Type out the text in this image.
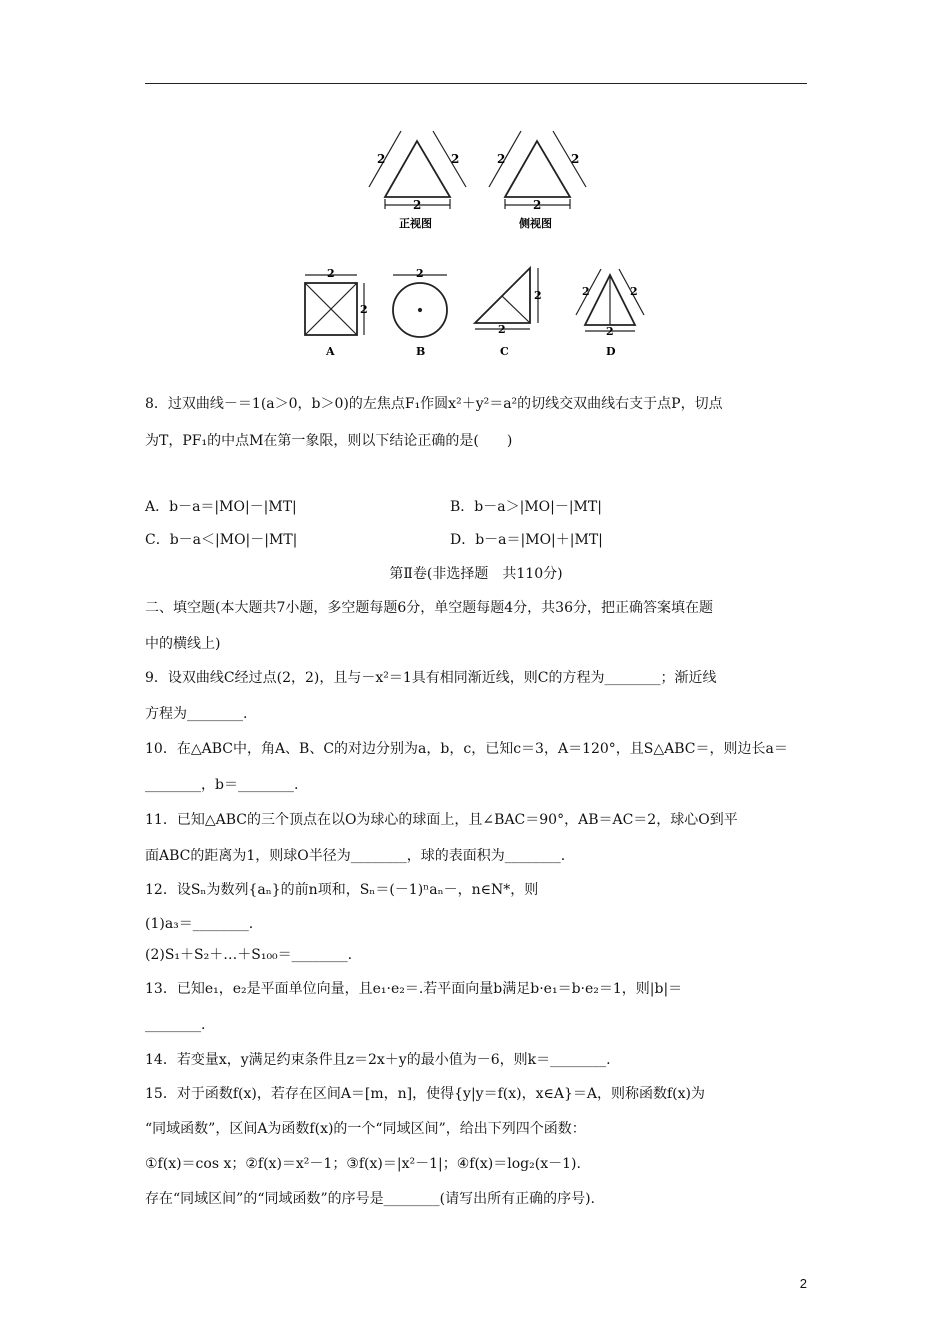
2	2
2
正视图
2	2
2
侧视图
2
2
A
2
B
2
2
C
2	2
2
D
8．过双曲线－＝1(a＞0，b＞0)的左焦点F₁作圆x²＋y²＝a²的切线交双曲线右支于点P，切点
为T，PF₁的中点M在第一象限，则以下结论正确的是(　　)
A．b－a＝|MO|－|MT|	B．b－a＞|MO|－|MT|
C．b－a＜|MO|－|MT|	D．b－a＝|MO|＋|MT|
第Ⅱ卷(非选择题　共110分)
二、填空题(本大题共7小题，多空题每题6分，单空题每题4分，共36分，把正确答案填在题
中的横线上)
9．设双曲线C经过点(2，2)，且与－x²＝1具有相同渐近线，则C的方程为________；渐近线
方程为________.
10．在△ABC中，角A、B、C的对边分别为a，b，c，已知c＝3，A＝120°，且S△ABC＝，则边长a＝
________，b＝________.
11．已知△ABC的三个顶点在以O为球心的球面上，且∠BAC＝90°，AB＝AC＝2，球心O到平
面ABC的距离为1，则球O半径为________，球的表面积为________.
12．设Sₙ为数列{aₙ}的前n项和，Sₙ＝(－1)ⁿaₙ－，n∈N*，则
(1)a₃＝________.
(2)S₁＋S₂＋…＋S₁₀₀＝________.
13．已知e₁，e₂是平面单位向量，且e₁·e₂＝.若平面向量b满足b·e₁＝b·e₂＝1，则|b|＝
________.
14．若变量x，y满足约束条件且z＝2x＋y的最小值为－6，则k＝________.
15．对于函数f(x)，若存在区间A＝[m，n]，使得{y|y＝f(x)，x∈A}＝A，则称函数f(x)为
“同域函数”，区间A为函数f(x)的一个“同域区间”，给出下列四个函数：
①f(x)＝cos x；②f(x)＝x²－1；③f(x)＝|x²－1|；④f(x)＝log₂(x－1).
存在“同域区间”的“同域函数”的序号是________(请写出所有正确的序号).
2
